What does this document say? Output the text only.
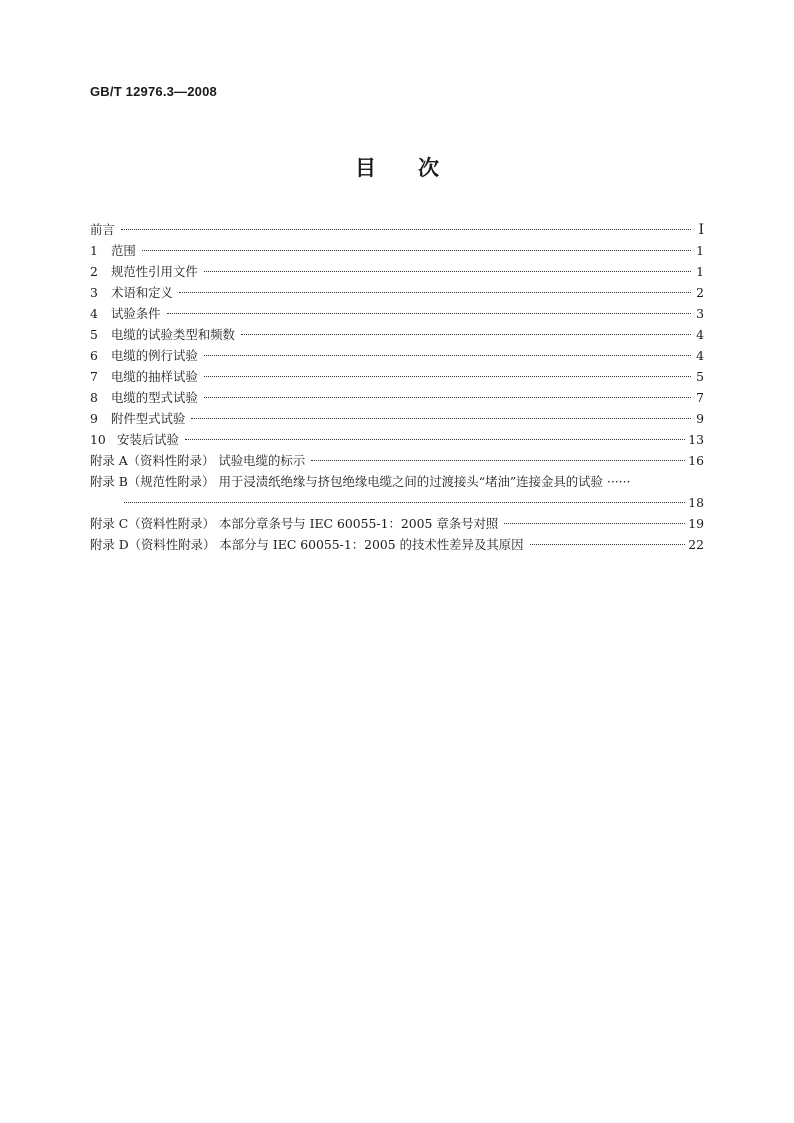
GB/T 12976.3—2008
目 次
前言	Ⅰ
1	范围	1
2	规范性引用文件	1
3	术语和定义	2
4	试验条件	3
5	电缆的试验类型和频数	4
6	电缆的例行试验	4
7	电缆的抽样试验	5
8	电缆的型式试验	7
9	附件型式试验	9
10 安装后试验	13
附录 A（资料性附录） 试验电缆的标示	16
附录 B（规范性附录） 用于浸渍纸绝缘与挤包绝缘电缆之间的过渡接头“堵油”连接金具的试验 ······
18
附录 C（资料性附录） 本部分章条号与 IEC 60055-1：2005 章条号对照	19
附录 D（资料性附录） 本部分与 IEC 60055-1：2005 的技术性差异及其原因	22
